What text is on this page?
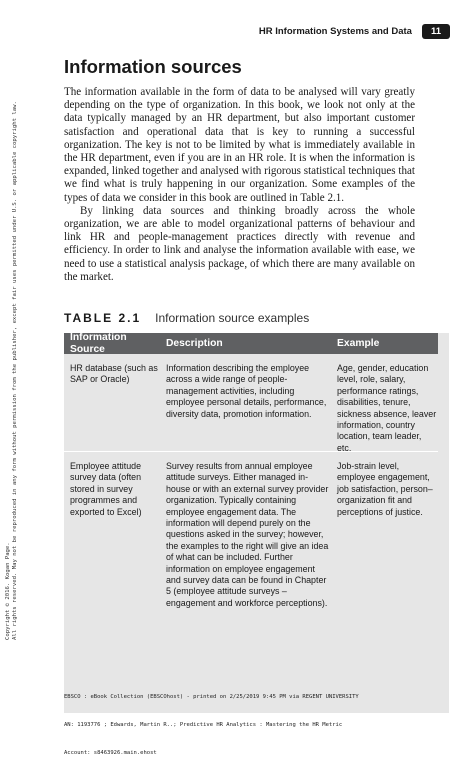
HR Information Systems and Data	11
Copyright © 2016. Kogan Page. All rights reserved. May not be reproduced in any form without permission from the publisher, except fair uses permitted under U.S. or applicable copyright law.
Information sources

The information available in the form of data to be analysed will vary greatly depending on the type of organization. In this book, we look not only at the data typically managed by an HR department, but also important customer satisfaction and operational data that is key to running a successful organization. The key is not to be limited by what is immediately available in the HR department, even if you are in an HR role. It is when the information is expanded, linked together and analysed with rigorous statistical techniques that we find what is truly happening in our organization. Some examples of the types of data we consider in this book are outlined in Table 2.1.

By linking data sources and thinking broadly across the whole organization, we are able to model organizational patterns of behaviour and link HR and people-management practices directly with revenue and efficiency. In order to link and analyse the information available with ease, we need to use a statistical analysis package, of which there are many available on the market.

TABLE 2.1 Information source examples
Information Source
Description	Example
HR database (such as SAP or Oracle)
Information describing the employee across a wide range of people-management activities, including employee personal details, performance, diversity data, promotion information.
Age, gender, education level, role, salary, performance ratings, disabilities, tenure, sickness absence, leaver information, country location, team leader, etc.
Employee attitude survey data (often stored in survey programmes and exported to Excel)
Survey results from annual employee attitude surveys. Either managed in-house or with an external survey provider organization. Typically containing employee engagement data. The information will depend purely on the questions asked in the survey; however, the examples to the right will give an idea of what can be included. Further information on employee engagement and survey data can be found in Chapter 5 (employee attitude surveys – engagement and workforce perceptions).
Job-strain level, employee engagement, job satisfaction, person–organization fit and perceptions of justice.

EBSCO : eBook Collection (EBSCOhost) - printed on 2/25/2019 9:45 PM via REGENT UNIVERSITY

AN: 1193776 ; Edwards, Martin R..; Predictive HR Analytics : Mastering the HR Metric

Account: s8463926.main.ehost
